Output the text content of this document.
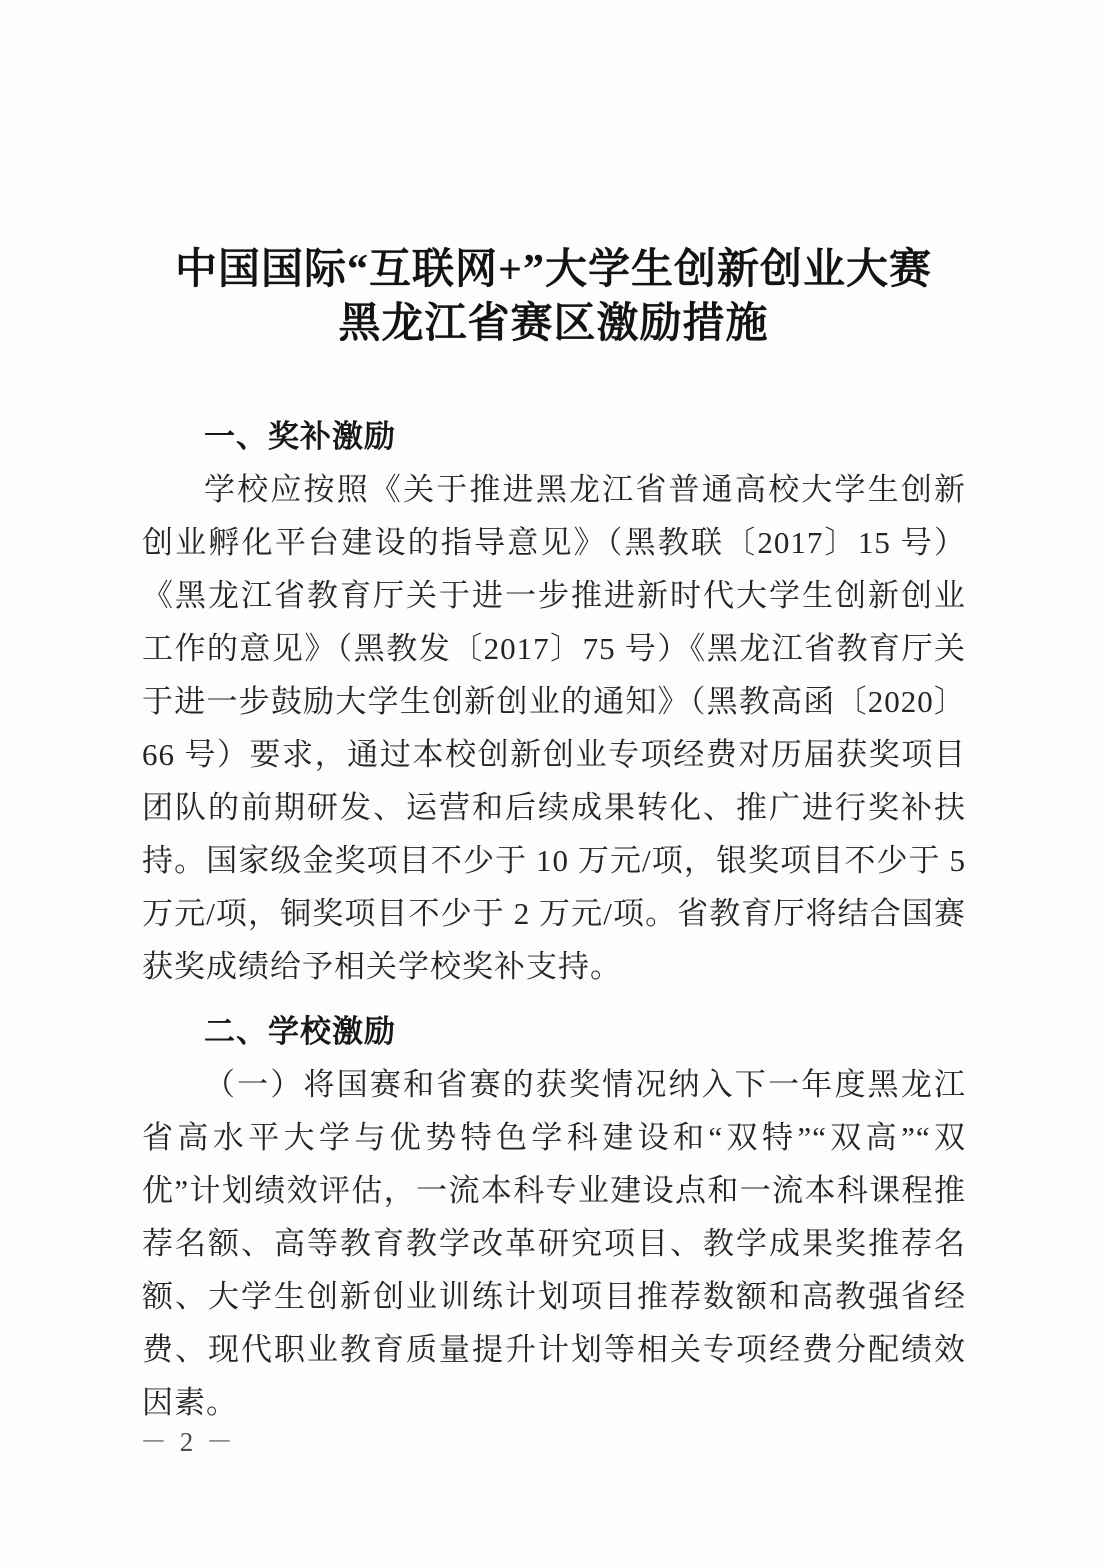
中国国际“互联网+”大学生创新创业大赛
黑龙江省赛区激励措施
一、奖补激励

学校应按照《关于推进黑龙江省普通高校大学生创新创业孵化平台建设的指导意见》（黑教联〔2017〕15 号）《黑龙江省教育厅关于进一步推进新时代大学生创新创业工作的意见》（黑教发〔2017〕75 号）《黑龙江省教育厅关于进一步鼓励大学生创新创业的通知》（黑教高函〔2020〕66 号）要求，通过本校创新创业专项经费对历届获奖项目团队的前期研发、运营和后续成果转化、推广进行奖补扶持。国家级金奖项目不少于 10 万元/项，银奖项目不少于 5 万元/项，铜奖项目不少于 2 万元/项。省教育厅将结合国赛获奖成绩给予相关学校奖补支持。

二、学校激励

（一）将国赛和省赛的获奖情况纳入下一年度黑龙江省高水平大学与优势特色学科建设和“双特”“双高”“双优”计划绩效评估，一流本科专业建设点和一流本科课程推荐名额、高等教育教学改革研究项目、教学成果奖推荐名额、大学生创新创业训练计划项目推荐数额和高教强省经费、现代职业教育质量提升计划等相关专项经费分配绩效因素。

－ 2 －
